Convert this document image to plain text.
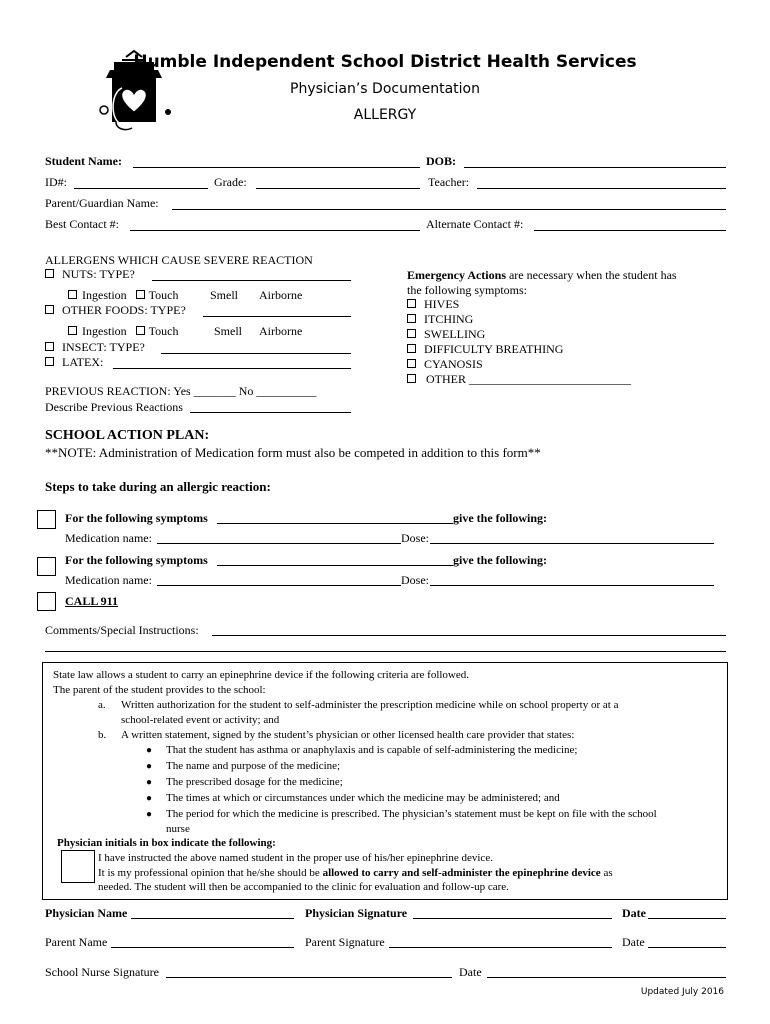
Humble Independent School District Health Services
Physician’s Documentation
ALLERGY
Student Name:	DOB:
ID#:	Grade:	Teacher:
Parent/Guardian Name:
Best Contact #:	Alternate Contact #:
ALLERGENS WHICH CAUSE SEVERE REACTION
NUTS: TYPE?
Ingestion Touch	Smell Airborne
OTHER FOODS: TYPE?
Ingestion Touch	Smell Airborne
INSECT: TYPE?
LATEX:
PREVIOUS REACTION: Yes _______ No __________
Describe Previous Reactions
Emergency Actions are necessary when the student has
the following symptoms:
HIVES
ITCHING
SWELLING
DIFFICULTY BREATHING
CYANOSIS
OTHER ___________________________
SCHOOL ACTION PLAN:
**NOTE: Administration of Medication form must also be competed in addition to this form**
Steps to take during an allergic reaction:
For the following symptoms	give the following:
Medication name:	Dose:
For the following symptoms	give the following:
Medication name:	Dose:
CALL 911
Comments/Special Instructions:
State law allows a student to carry an epinephrine device if the following criteria are followed.
The parent of the student provides to the school:
a. Written authorization for the student to self-administer the prescription medicine while on school property or at a
school-related event or activity; and
b. A written statement, signed by the student’s physician or other licensed health care provider that states:
● That the student has asthma or anaphylaxis and is capable of self-administering the medicine;
● The name and purpose of the medicine;
● The prescribed dosage for the medicine;
● The times at which or circumstances under which the medicine may be administered; and
● The period for which the medicine is prescribed. The physician’s statement must be kept on file with the school
nurse
Physician initials in box indicate the following:
I have instructed the above named student in the proper use of his/her epinephrine device.
It is my professional opinion that he/she should be allowed to carry and self-administer the epinephrine device as
needed. The student will then be accompanied to the clinic for evaluation and follow-up care.
Physician Name	Physician Signature	Date
Parent Name	Parent Signature	Date
School Nurse Signature	Date
Updated July 2016
